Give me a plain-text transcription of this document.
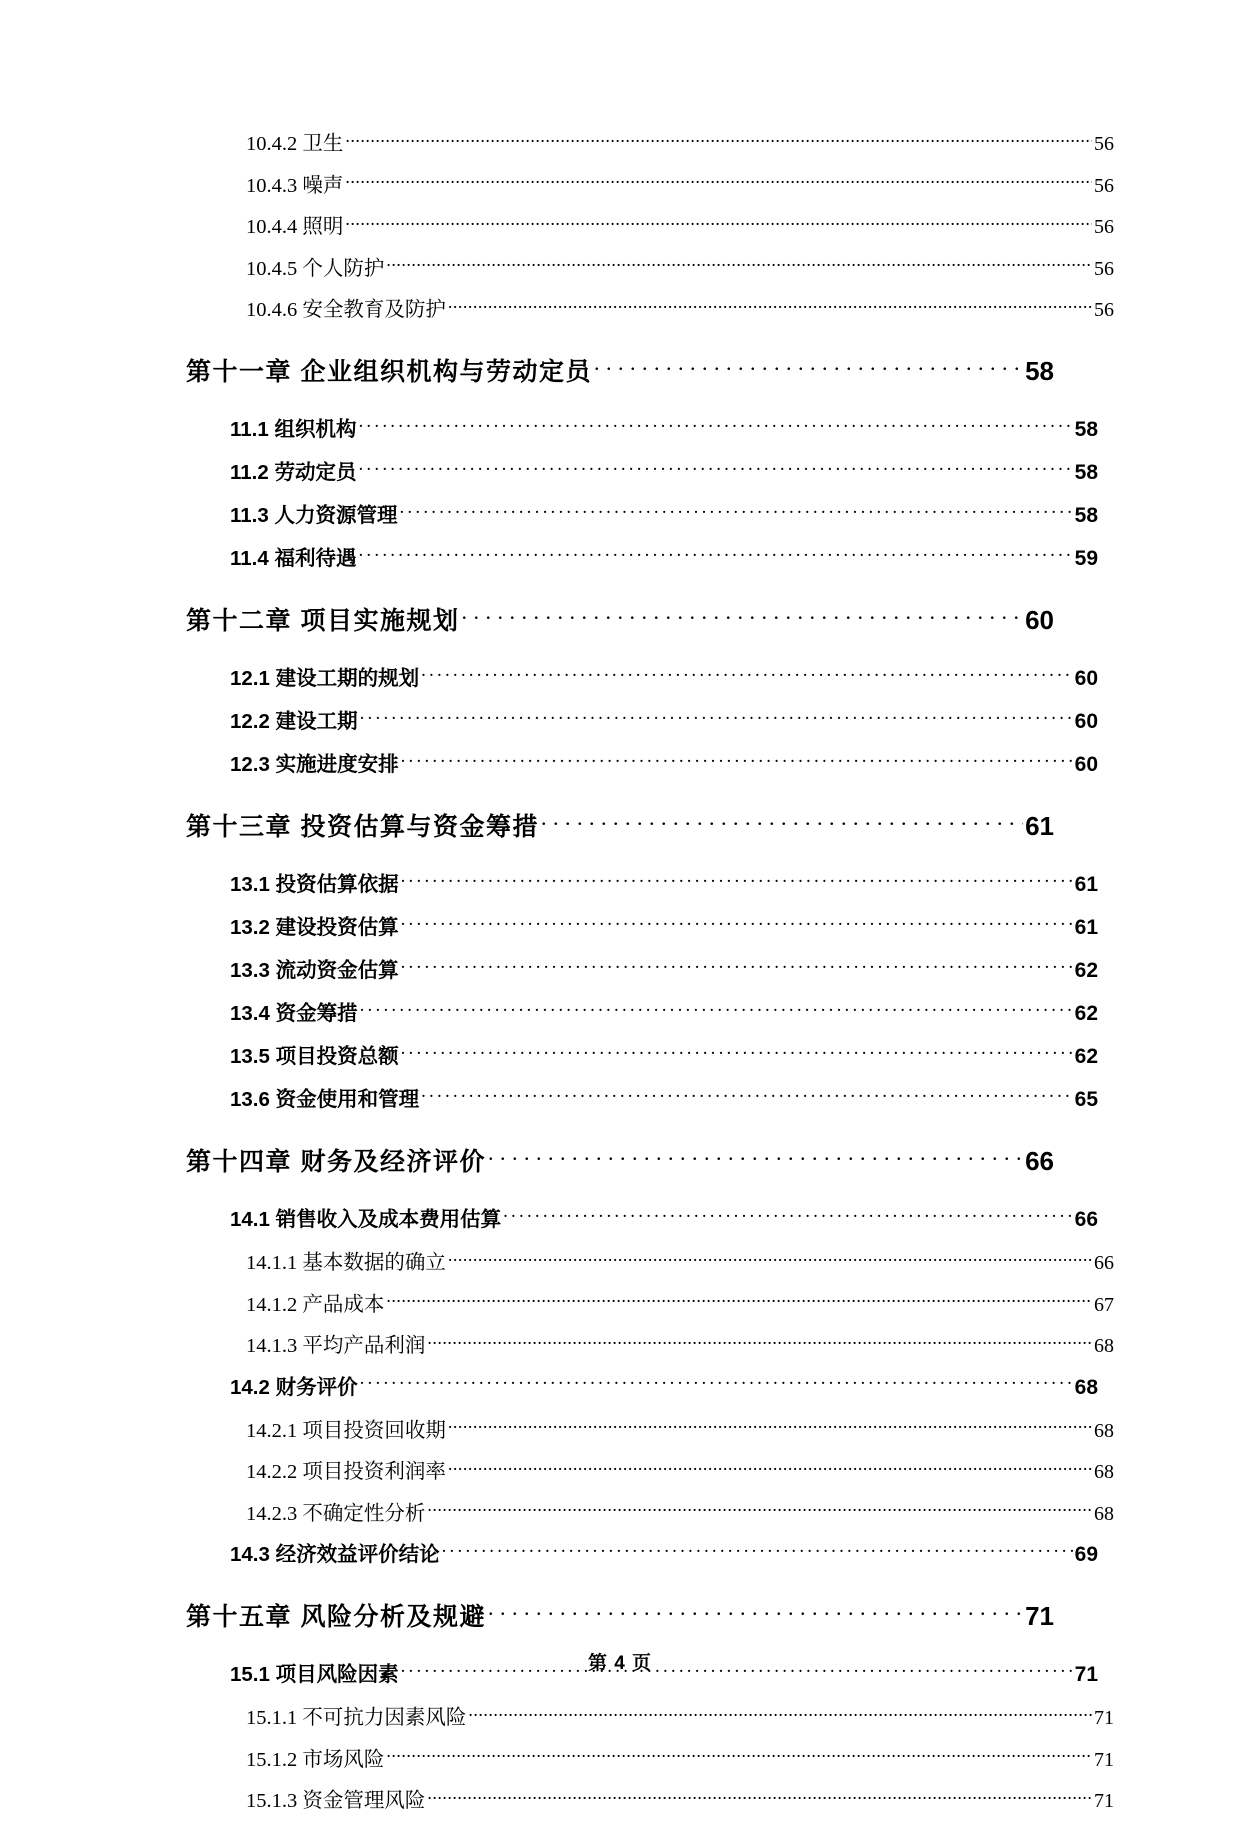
10.4.2 卫生 .....	56
10.4.3 噪声 .....	56
10.4.4 照明 .....	56
10.4.5 个人防护 .....	56
10.4.6 安全教育及防护 .....	56
第十一章 企业组织机构与劳动定员 .....	58
11.1 组织机构 .....	58
11.2 劳动定员 .....	58
11.3 人力资源管理 .....	58
11.4 福利待遇 .....	59
第十二章 项目实施规划 .....	60
12.1 建设工期的规划 .....	60
12.2 建设工期 .....	60
12.3 实施进度安排 .....	60
第十三章 投资估算与资金筹措 .....	61
13.1 投资估算依据 .....	61
13.2 建设投资估算 .....	61
13.3 流动资金估算 .....	62
13.4 资金筹措 .....	62
13.5 项目投资总额 .....	62
13.6 资金使用和管理 .....	65
第十四章 财务及经济评价 .....	66
14.1 销售收入及成本费用估算 .....	66
14.1.1 基本数据的确立 .....	66
14.1.2 产品成本 .....	67
14.1.3 平均产品利润 .....	68
14.2 财务评价 .....	68
14.2.1 项目投资回收期 .....	68
14.2.2 项目投资利润率 .....	68
14.2.3 不确定性分析 .....	68
14.3 经济效益评价结论 .....	69
第十五章 风险分析及规避 .....	71
15.1 项目风险因素 .....	71
15.1.1 不可抗力因素风险 .....	71
15.1.2 市场风险 .....	71
15.1.3 资金管理风险 .....	71
第 4 页
